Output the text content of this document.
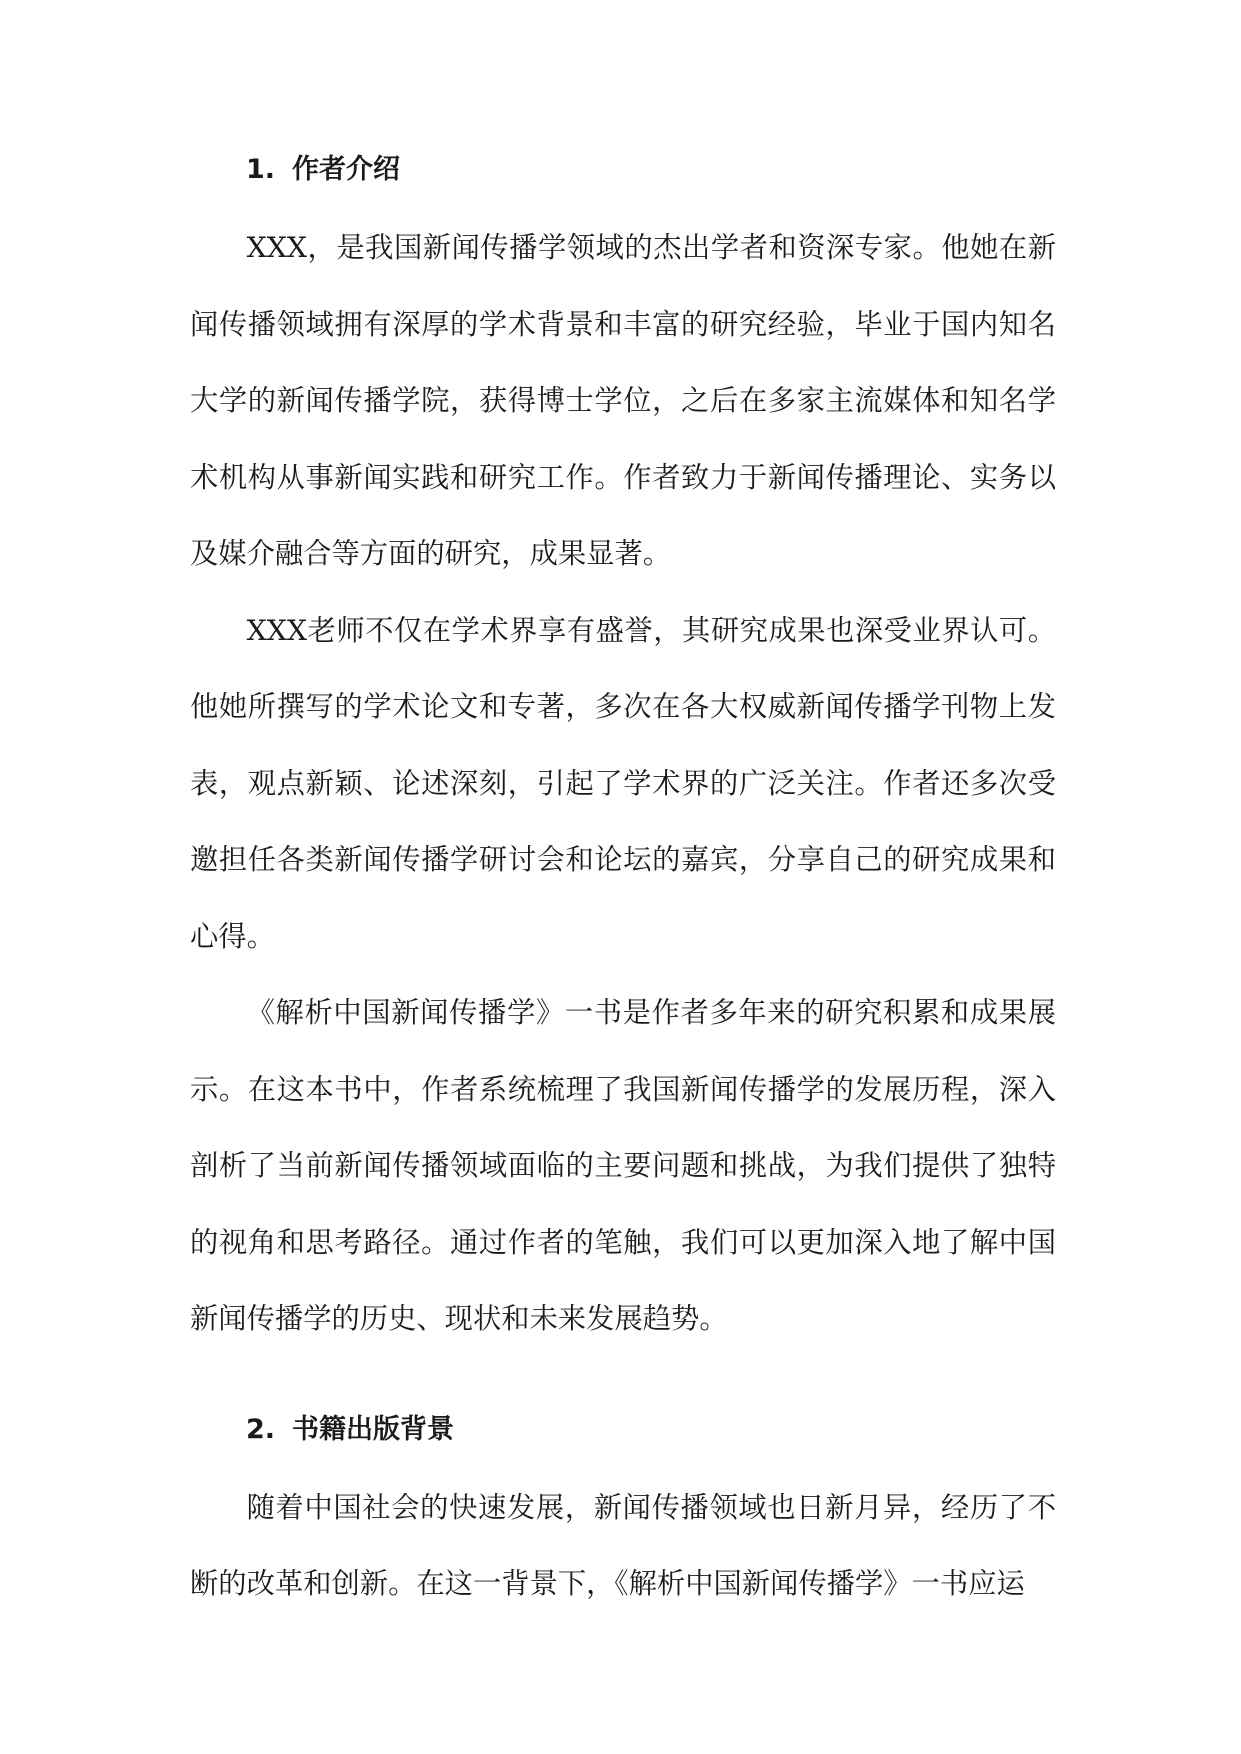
1. 作者介绍

XXX，是我国新闻传播学领域的杰出学者和资深专家。他她在新闻传播领域拥有深厚的学术背景和丰富的研究经验，毕业于国内知名大学的新闻传播学院，获得博士学位，之后在多家主流媒体和知名学术机构从事新闻实践和研究工作。作者致力于新闻传播理论、实务以及媒介融合等方面的研究，成果显著。

XXX老师不仅在学术界享有盛誉，其研究成果也深受业界认可。他她所撰写的学术论文和专著，多次在各大权威新闻传播学刊物上发表，观点新颖、论述深刻，引起了学术界的广泛关注。作者还多次受邀担任各类新闻传播学研讨会和论坛的嘉宾，分享自己的研究成果和心得。

《解析中国新闻传播学》一书是作者多年来的研究积累和成果展示。在这本书中，作者系统梳理了我国新闻传播学的发展历程，深入剖析了当前新闻传播领域面临的主要问题和挑战，为我们提供了独特的视角和思考路径。通过作者的笔触，我们可以更加深入地了解中国新闻传播学的历史、现状和未来发展趋势。

2. 书籍出版背景

随着中国社会的快速发展，新闻传播领域也日新月异，经历了不断的改革和创新。在这一背景下，《解析中国新闻传播学》一书应运
